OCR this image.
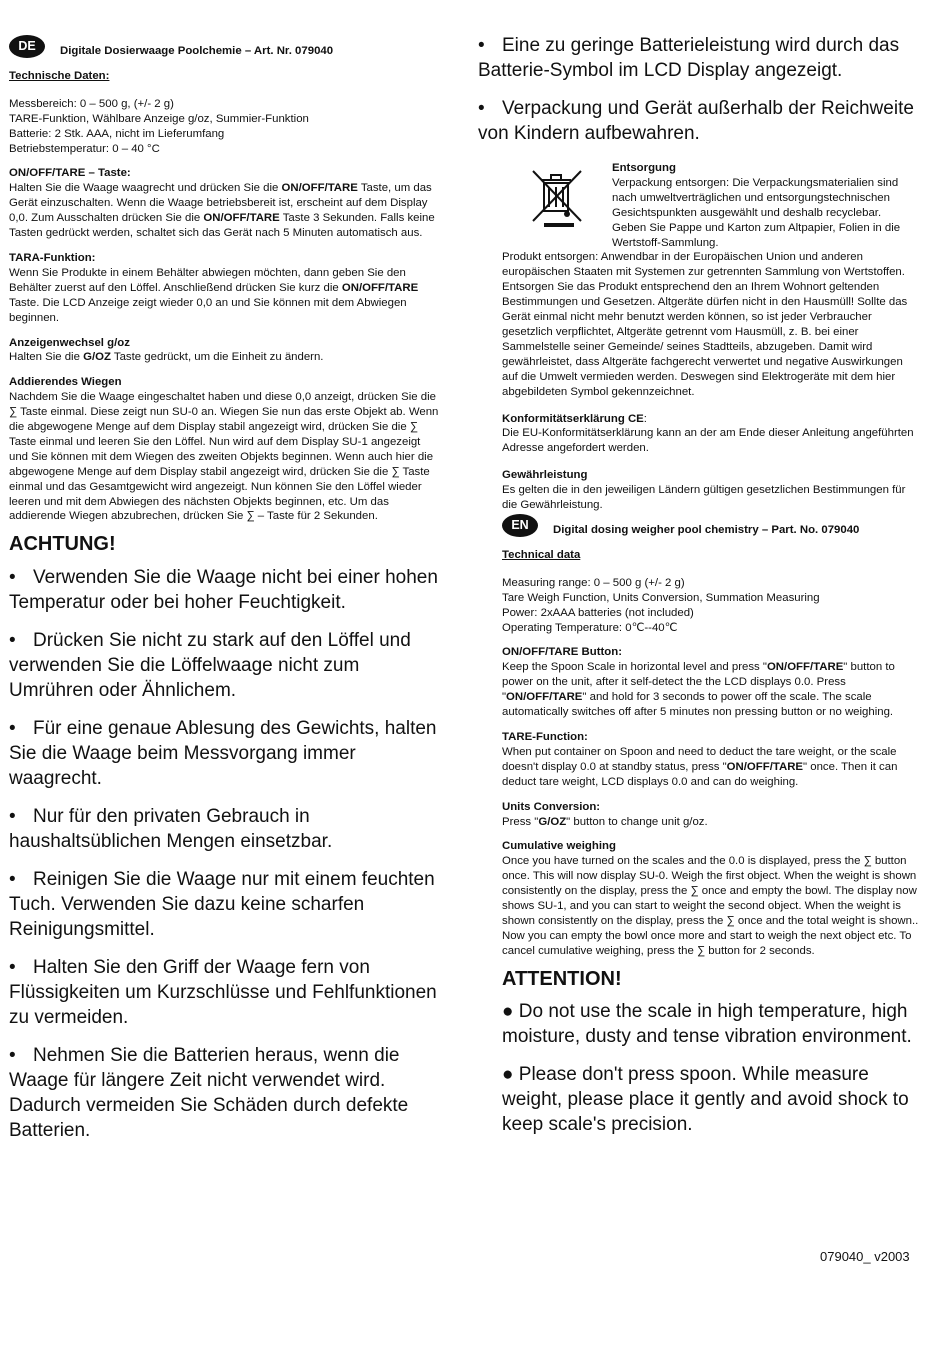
DE	Digitale Dosierwaage Poolchemie – Art. Nr. 079040

Technische Daten:

Messbereich: 0 – 500 g, (+/- 2 g)

TARE-Funktion, Wählbare Anzeige g/oz, Summier-Funktion

Batterie: 2 Stk. AAA, nicht im Lieferumfang

Betriebstemperatur: 0 – 40 °C

ON/OFF/TARE – Taste:

Halten Sie die Waage waagrecht und drücken Sie die ON/OFF/TARE Taste, um das Gerät einzuschalten. Wenn die Waage betriebsbereit ist, erscheint auf dem Display 0,0. Zum Ausschalten drücken Sie die ON/OFF/TARE Taste 3 Sekunden. Falls keine Tasten gedrückt werden, schaltet sich das Gerät nach 5 Minuten automatisch aus.

TARA-Funktion:

Wenn Sie Produkte in einem Behälter abwiegen möchten, dann geben Sie den Behälter zuerst auf den Löffel. Anschließend drücken Sie kurz die ON/OFF/TARE Taste. Die LCD Anzeige zeigt wieder 0,0 an und Sie können mit dem Abwiegen beginnen.

Anzeigenwechsel g/oz

Halten Sie die G/OZ Taste gedrückt, um die Einheit zu ändern.

Addierendes Wiegen

Nachdem Sie die Waage eingeschaltet haben und diese 0,0 anzeigt, drücken Sie die ∑ Taste einmal. Diese zeigt nun SU-0 an. Wiegen Sie nun das erste Objekt ab. Wenn die abgewogene Menge auf dem Display stabil angezeigt wird, drücken Sie die ∑ Taste einmal und leeren Sie den Löffel. Nun wird auf dem Display SU-1 angezeigt und Sie können mit dem Wiegen des zweiten Objekts beginnen. Wenn auch hier die abgewogene Menge auf dem Display stabil angezeigt wird, drücken Sie die ∑ Taste einmal und das Gesamtgewicht wird angezeigt. Nun können Sie den Löffel wieder leeren und mit dem Abwiegen des nächsten Objekts beginnen, etc. Um das addierende Wiegen abzubrechen, drücken Sie ∑ – Taste für 2 Sekunden.

ACHTUNG!

• Verwenden Sie die Waage nicht bei einer hohen Temperatur oder bei hoher Feuchtigkeit.

• Drücken Sie nicht zu stark auf den Löffel und verwenden Sie die Löffelwaage nicht zum Umrühren oder Ähnlichem.

• Für eine genaue Ablesung des Gewichts, halten Sie die Waage beim Messvorgang immer waagrecht.

• Nur für den privaten Gebrauch in haushaltsüblichen Mengen einsetzbar.

• Reinigen Sie die Waage nur mit einem feuchten Tuch. Verwenden Sie dazu keine scharfen Reinigungsmittel.

• Halten Sie den Griff der Waage fern von Flüssigkeiten um Kurzschlüsse und Fehlfunktionen zu vermeiden.

• Nehmen Sie die Batterien heraus, wenn die Waage für längere Zeit nicht verwendet wird. Dadurch vermeiden Sie Schäden durch defekte Batterien.

• Eine zu geringe Batterieleistung wird durch das Batterie-Symbol im LCD Display angezeigt.

• Verpackung und Gerät außerhalb der Reichweite von Kindern aufbewahren.

Entsorgung

Verpackung entsorgen: Die Verpackungsmaterialien sind nach umweltverträglichen und entsorgungstechnischen Gesichtspunkten ausgewählt und deshalb recyclebar. Geben Sie Pappe und Karton zum Altpapier, Folien in die Wertstoff-Sammlung.

Produkt entsorgen: Anwendbar in der Europäischen Union und anderen europäischen Staaten mit Systemen zur getrennten Sammlung von Wertstoffen. Entsorgen Sie das Produkt entsprechend den an Ihrem Wohnort geltenden Bestimmungen und Gesetzen. Altgeräte dürfen nicht in den Hausmüll! Sollte das Gerät einmal nicht mehr benutzt werden können, so ist jeder Verbraucher gesetzlich verpflichtet, Altgeräte getrennt vom Hausmüll, z. B. bei einer Sammelstelle seiner Gemeinde/ seines Stadtteils, abzugeben. Damit wird gewährleistet, dass Altgeräte fachgerecht verwertet und negative Auswirkungen auf die Umwelt vermieden werden. Deswegen sind Elektrogeräte mit dem hier abgebildeten Symbol gekennzeichnet.

Konformitätserklärung CE:

Die EU-Konformitätserklärung kann an der am Ende dieser Anleitung angeführten Adresse angefordert werden.

Gewährleistung

Es gelten die in den jeweiligen Ländern gültigen gesetzlichen Bestimmungen für die Gewährleistung.

EN	Digital dosing weigher pool chemistry – Part. No. 079040

Technical data

Measuring range: 0 – 500 g (+/- 2 g)

Tare Weigh Function, Units Conversion, Summation Measuring

Power: 2xAAA batteries (not included)

Operating Temperature: 0℃--40℃

ON/OFF/TARE Button:

Keep the Spoon Scale in horizontal level and press "ON/OFF/TARE" button to power on the unit, after it self-detect the the LCD displays 0.0. Press "ON/OFF/TARE" and hold for 3 seconds to power off the scale. The scale automatically switches off after 5 minutes non pressing button or no weighing.

TARE-Function:

When put container on Spoon and need to deduct the tare weight, or the scale doesn't display 0.0 at standby status, press "ON/OFF/TARE" once. Then it can deduct tare weight, LCD displays 0.0 and can do weighing.

Units Conversion:

Press "G/OZ" button to change unit g/oz.

Cumulative weighing

Once you have turned on the scales and the 0.0 is displayed, press the ∑ button once. This will now display SU-0. Weigh the first object. When the weight is shown consistently on the display, press the ∑ once and empty the bowl. The display now shows SU-1, and you can start to weight the second object. When the weight is shown consistently on the display, press the ∑ once and the total weight is shown.. Now you can empty the bowl once more and start to weigh the next object etc. To cancel cumulative weighing, press the ∑ button for 2 seconds.

ATTENTION!

● Do not use the scale in high temperature, high moisture, dusty and tense vibration environment.

● Please don't press spoon. While measure weight, please place it gently and avoid shock to keep scale's precision.

079040_ v2003
